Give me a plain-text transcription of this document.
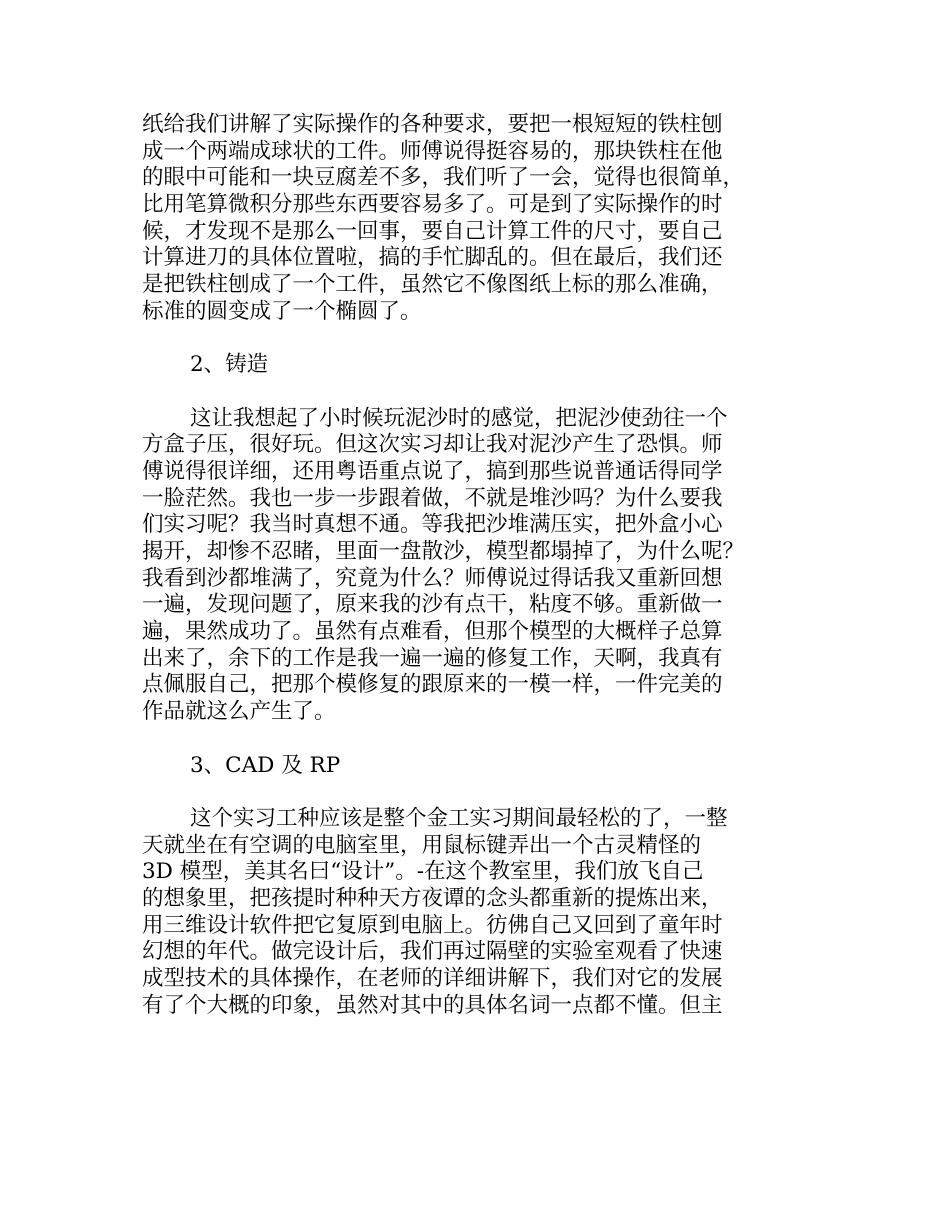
纸给我们讲解了实际操作的各种要求，要把一根短短的铁柱刨
成一个两端成球状的工件。师傅说得挺容易的，那块铁柱在他
的眼中可能和一块豆腐差不多，我们听了一会，觉得也很简单，
比用笔算微积分那些东西要容易多了。可是到了实际操作的时
候，才发现不是那么一回事，要自己计算工件的尺寸，要自己
计算进刀的具体位置啦，搞的手忙脚乱的。但在最后，我们还
是把铁柱刨成了一个工件，虽然它不像图纸上标的那么准确，
标准的圆变成了一个椭圆了。
2、铸造
这让我想起了小时候玩泥沙时的感觉，把泥沙使劲往一个
方盒子压，很好玩。但这次实习却让我对泥沙产生了恐惧。师
傅说得很详细，还用粤语重点说了，搞到那些说普通话得同学
一脸茫然。我也一步一步跟着做，不就是堆沙吗？为什么要我
们实习呢？我当时真想不通。等我把沙堆满压实，把外盒小心
揭开，却惨不忍睹，里面一盘散沙，模型都塌掉了，为什么呢？
我看到沙都堆满了，究竟为什么？师傅说过得话我又重新回想
一遍，发现问题了，原来我的沙有点干，粘度不够。重新做一
遍，果然成功了。虽然有点难看，但那个模型的大概样子总算
出来了，余下的工作是我一遍一遍的修复工作，天啊，我真有
点佩服自己，把那个模修复的跟原来的一模一样，一件完美的
作品就这么产生了。
3、CAD 及 RP
这个实习工种应该是整个金工实习期间最轻松的了，一整
天就坐在有空调的电脑室里，用鼠标键弄出一个古灵精怪的
3D 模型，美其名曰“设计”。-在这个教室里，我们放飞自己
的想象里，把孩提时种种天方夜谭的念头都重新的提炼出来，
用三维设计软件把它复原到电脑上。彷佛自己又回到了童年时
幻想的年代。做完设计后，我们再过隔壁的实验室观看了快速
成型技术的具体操作，在老师的详细讲解下，我们对它的发展
有了个大概的印象，虽然对其中的具体名词一点都不懂。但主
